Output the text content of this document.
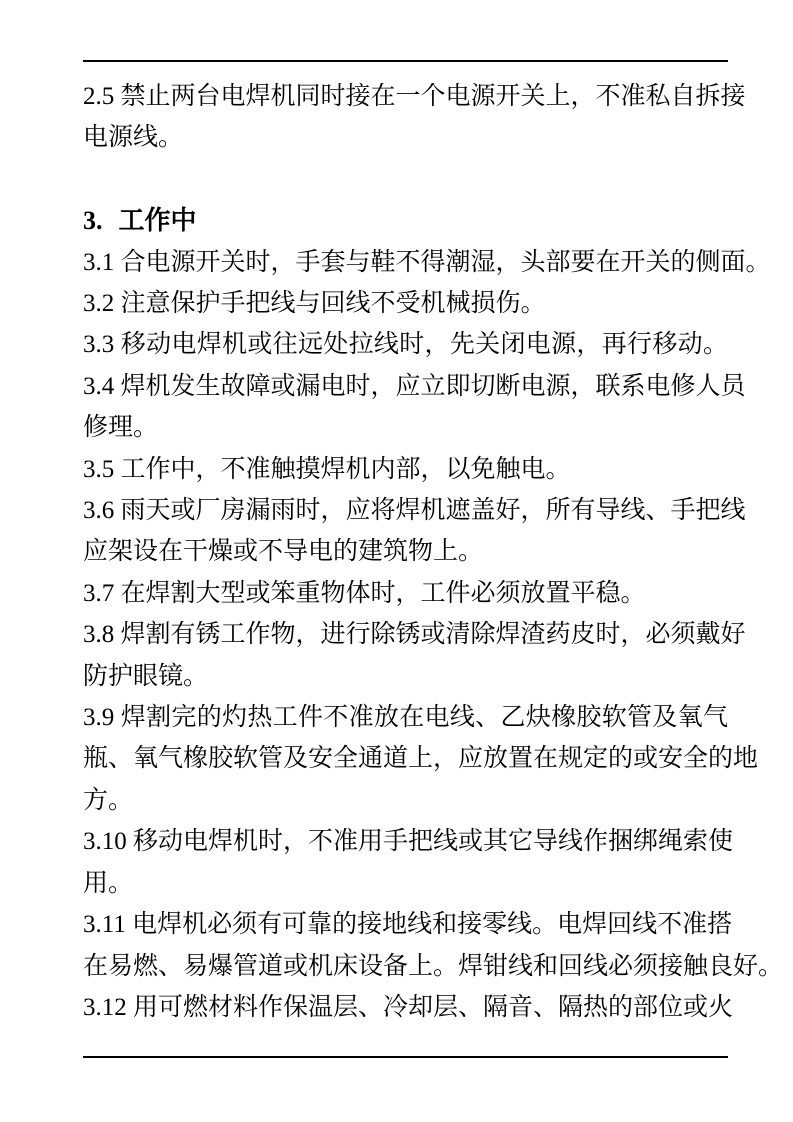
2.5 禁止两台电焊机同时接在一个电源开关上，不准私自拆接
电源线。
3. 工作中
3.1 合电源开关时，手套与鞋不得潮湿，头部要在开关的侧面。
3.2 注意保护手把线与回线不受机械损伤。
3.3 移动电焊机或往远处拉线时，先关闭电源，再行移动。
3.4 焊机发生故障或漏电时，应立即切断电源，联系电修人员
修理。
3.5 工作中，不准触摸焊机内部，以免触电。
3.6 雨天或厂房漏雨时，应将焊机遮盖好，所有导线、手把线
应架设在干燥或不导电的建筑物上。
3.7 在焊割大型或笨重物体时，工件必须放置平稳。
3.8 焊割有锈工作物，进行除锈或清除焊渣药皮时，必须戴好
防护眼镜。
3.9 焊割完的灼热工件不准放在电线、乙炔橡胶软管及氧气
瓶、氧气橡胶软管及安全通道上，应放置在规定的或安全的地
方。
3.10 移动电焊机时，不准用手把线或其它导线作捆绑绳索使
用。
3.11 电焊机必须有可靠的接地线和接零线。电焊回线不准搭
在易燃、易爆管道或机床设备上。焊钳线和回线必须接触良好。
3.12 用可燃材料作保温层、冷却层、隔音、隔热的部位或火
